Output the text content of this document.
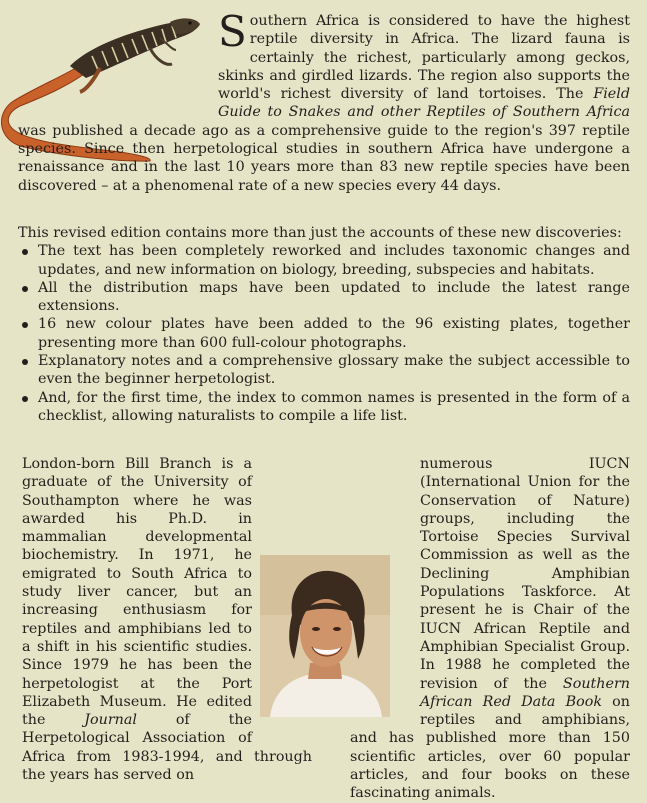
Southern Africa is considered to have the highest reptile diversity in Africa. The lizard fauna is certainly the richest, particularly among geckos, skinks and girdled lizards. The region also supports the world's richest diversity of land tortoises. The Field Guide to Snakes and other Reptiles of Southern Africa was published a decade ago as a comprehensive guide to the region's 397 reptile species. Since then herpetological studies in southern Africa have undergone a renaissance and in the last 10 years more than 83 new reptile species have been discovered – at a phenomenal rate of a new species every 44 days.

This revised edition contains more than just the accounts of these new discoveries:

The text has been completely reworked and includes taxonomic changes and updates, and new information on biology, breeding, subspecies and habitats.
All the distribution maps have been updated to include the latest range extensions.
16 new colour plates have been added to the 96 existing plates, together presenting more than 600 full-colour photographs.
Explanatory notes and a comprehensive glossary make the subject accessible to even the beginner herpetologist.
And, for the first time, the index to common names is presented in the form of a checklist, allowing naturalists to compile a life list.
London-born Bill Branch is a graduate of the University of Southampton where he was awarded his Ph.D. in mammalian developmental biochemistry. In 1971, he emigrated to South Africa to study liver cancer, but an increasing enthusiasm for reptiles and amphibians led to a shift in his scientific studies. Since 1979 he has been the herpetologist at the Port Elizabeth Museum. He edited the Journal of the Herpetological Association of Africa from 1983-1994, and through the years has served on
numerous IUCN (International Union for the Conservation of Nature) groups, including the Tortoise Species Survival Commission as well as the Declining Amphibian Populations Taskforce. At present he is Chair of the IUCN African Reptile and Amphibian Specialist Group. In 1988 he completed the revision of the Southern African Red Data Book on reptiles and amphibians, and has published more than 150 scientific articles, over 60 popular articles, and four books on these fascinating animals.
